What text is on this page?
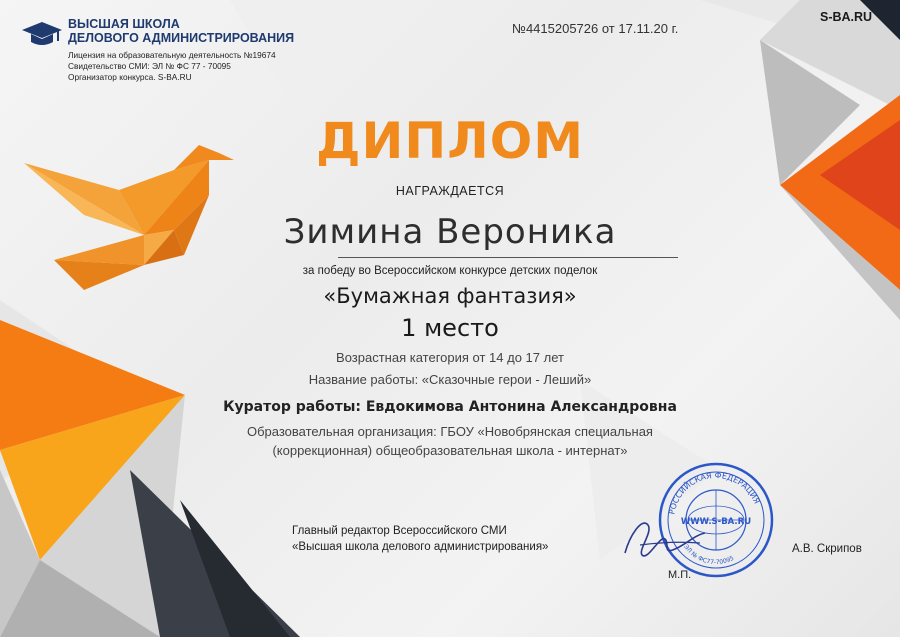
ВЫСШАЯ ШКОЛА
ДЕЛОВОГО АДМИНИСТРИРОВАНИЯ
Лицензия на образовательную деятельность №19674
Свидетельство СМИ: ЭЛ № ФС 77 - 70095
Организатор конкурса. S-BA.RU
№4415205726 от 17.11.20 г.
S-BA.RU
ДИПЛОМ
НАГРАЖДАЕТСЯ
Зимина Вероника
за победу во Всероссийском конкурсе детских поделок
«Бумажная фантазия»
1 место
Возрастная категория от 14 до 17 лет
Название работы: «Сказочные герои - Леший»
Куратор работы: Евдокимова Антонина Александровна
Образовательная организация: ГБОУ «Новобрянская специальная
(коррекционная) общеобразовательная школа - интернат»
Главный редактор Всероссийского СМИ
«Высшая школа делового администрирования»
РОССИЙСКАЯ ФЕДЕРАЦИЯ
WWW.S-BA.RU
ЭЛ № ФС77-70095
М.П.
А.В. Скрипов
